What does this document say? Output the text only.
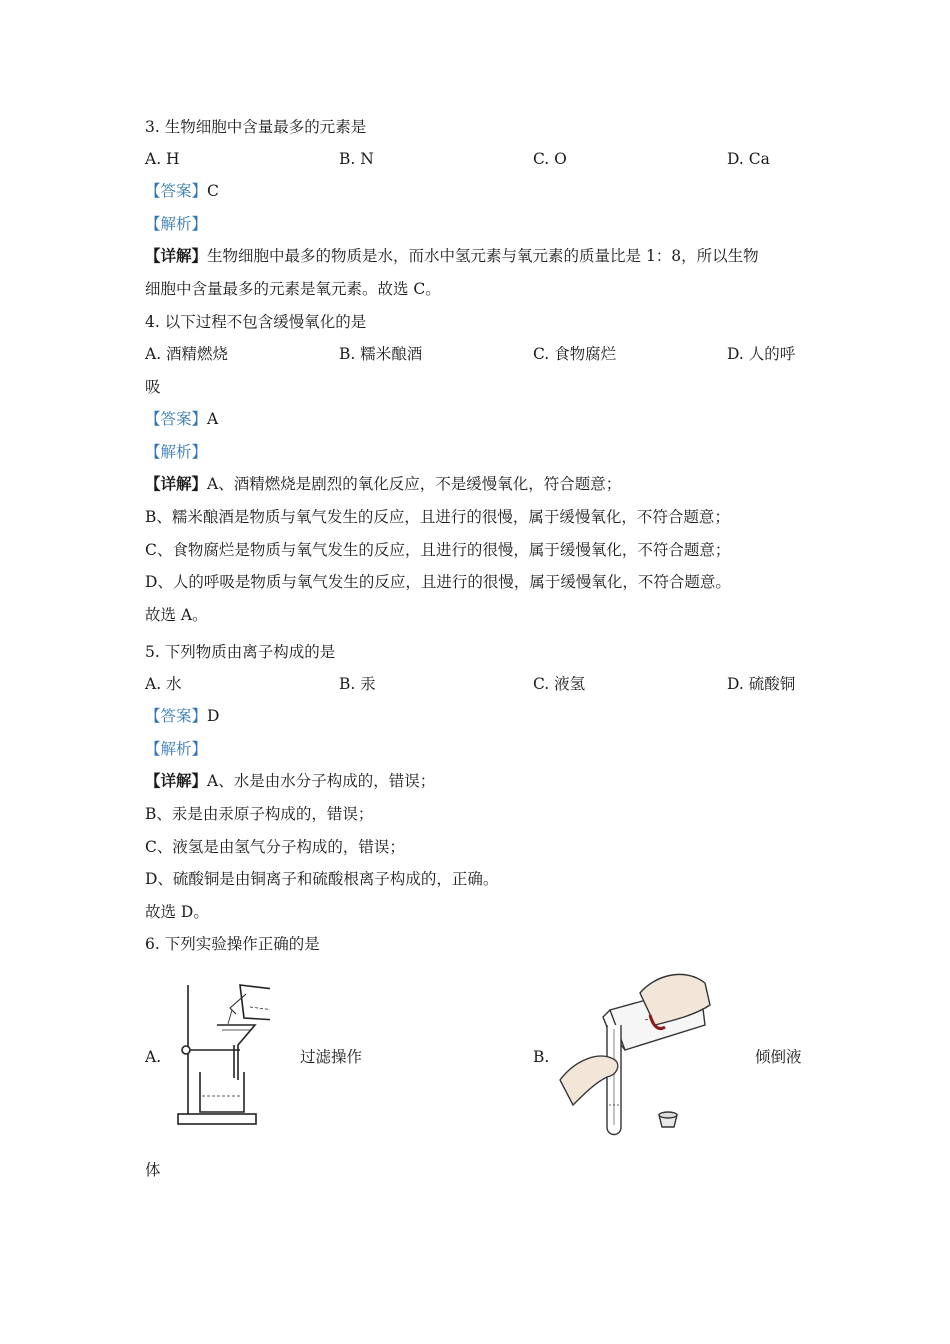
3. 生物细胞中含量最多的元素是
A. H	B. N	C. O	D. Ca
【答案】C
【解析】
【详解】生物细胞中最多的物质是水，而水中氢元素与氧元素的质量比是 1：8，所以生物
细胞中含量最多的元素是氧元素。故选 C。
4. 以下过程不包含缓慢氧化的是
A. 酒精燃烧	B. 糯米酿酒	C. 食物腐烂	D. 人的呼
吸
【答案】A
【解析】
【详解】A、酒精燃烧是剧烈的氧化反应，不是缓慢氧化，符合题意；
B、糯米酿酒是物质与氧气发生的反应，且进行的很慢，属于缓慢氧化，不符合题意；
C、食物腐烂是物质与氧气发生的反应，且进行的很慢，属于缓慢氧化，不符合题意；
D、人的呼吸是物质与氧气发生的反应，且进行的很慢，属于缓慢氧化，不符合题意。
故选 A。
5. 下列物质由离子构成的是
A. 水	B. 汞	C. 液氢	D. 硫酸铜
【答案】D
【解析】
【详解】A、水是由水分子构成的，错误；
B、汞是由汞原子构成的，错误；
C、液氢是由氢气分子构成的，错误；
D、硫酸铜是由铜离子和硫酸根离子构成的，正确。
故选 D。
6. 下列实验操作正确的是
A.	过滤操作	B.	倾倒液
体
